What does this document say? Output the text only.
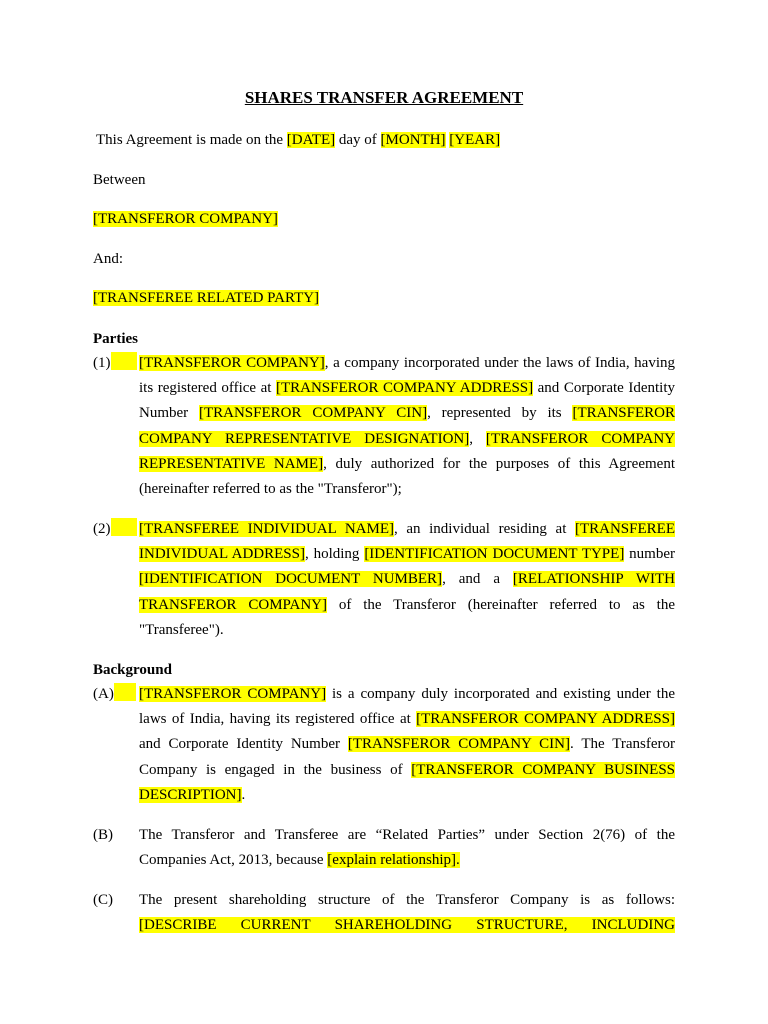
SHARES TRANSFER AGREEMENT
This Agreement is made on the [DATE] day of [MONTH] [YEAR]
Between
[TRANSFEROR COMPANY]
And:
[TRANSFEREE RELATED PARTY]
Parties
(1)	[TRANSFEROR COMPANY], a company incorporated under the laws of India, having its registered office at [TRANSFEROR COMPANY ADDRESS] and Corporate Identity Number [TRANSFEROR COMPANY CIN], represented by its [TRANSFEROR COMPANY REPRESENTATIVE DESIGNATION], [TRANSFEROR COMPANY REPRESENTATIVE NAME], duly authorized for the purposes of this Agreement (hereinafter referred to as the "Transferor");
(2)	[TRANSFEREE INDIVIDUAL NAME], an individual residing at [TRANSFEREE INDIVIDUAL ADDRESS], holding [IDENTIFICATION DOCUMENT TYPE] number [IDENTIFICATION DOCUMENT NUMBER], and a [RELATIONSHIP WITH TRANSFEROR COMPANY] of the Transferor (hereinafter referred to as the "Transferee").
Background
(A)	[TRANSFEROR COMPANY] is a company duly incorporated and existing under the laws of India, having its registered office at [TRANSFEROR COMPANY ADDRESS] and Corporate Identity Number [TRANSFEROR COMPANY CIN]. The Transferor Company is engaged in the business of [TRANSFEROR COMPANY BUSINESS DESCRIPTION].
(B) The Transferor and Transferee are “Related Parties” under Section 2(76) of the Companies Act, 2013, because [explain relationship].
(C) The present shareholding structure of the Transferor Company is as follows: [DESCRIBE CURRENT SHAREHOLDING STRUCTURE, INCLUDING
